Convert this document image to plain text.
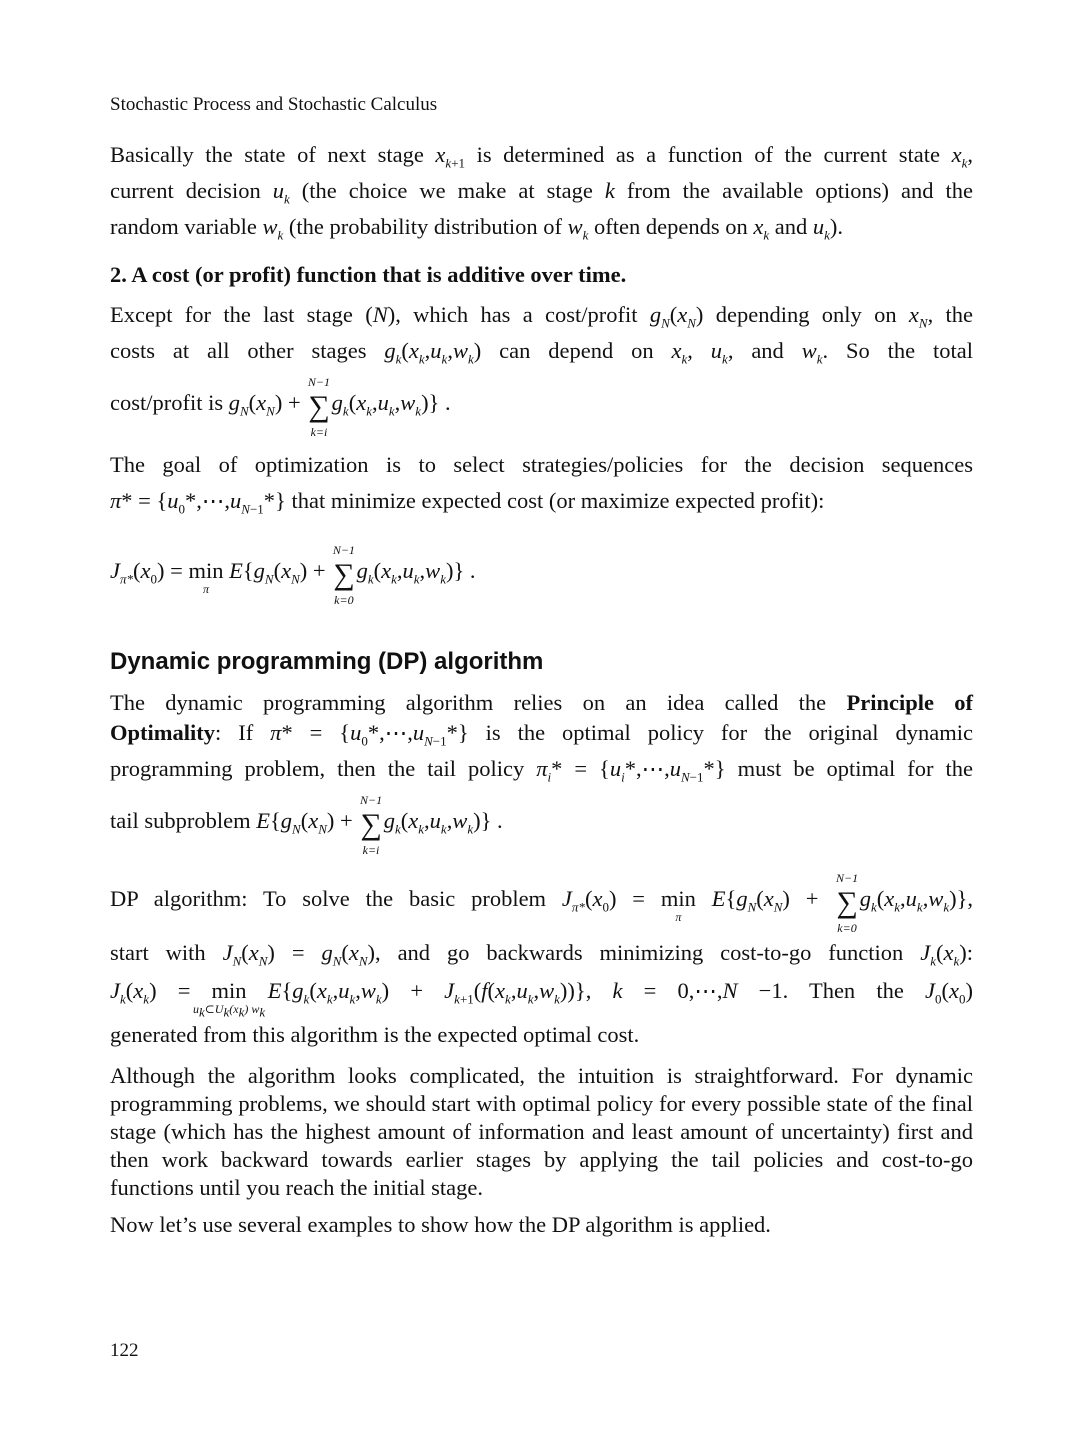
Stochastic Process and Stochastic Calculus
Basically the state of next stage $x_{k+1}$ is determined as a function of the current state $x_k$,
current decision $u_k$ (the choice we make at stage k from the available options) and the
random variable $w_k$ (the probability distribution of $w_k$ often depends on $x_k$ and $u_k$).
2. A cost (or profit) function that is additive over time.
Except for the last stage (N), which has a cost/profit $g_N(x_N)$ depending only on $x_N$, the
costs at all other stages $g_k(x_k,u_k,w_k)$ can depend on $x_k$, $u_k$, and $w_k$. So the total
cost/profit is $g_N(x_N)$ + ∑
N−1
k=i
$g_k(x_k,u_k,w_k)$} .
The goal of optimization is to select strategies/policies for the decision sequences
$\pi* = \{u_0*,\cdots,u_{N-1}*\}$ that minimize expected cost (or maximize expected profit):
$J_{\pi*}(x_0) = \min$
π
$E\{g_N(x_N)$ + ∑
N−1
k=0
$g_k(x_k,u_k,w_k)$} .
Dynamic programming (DP) algorithm
The dynamic programming algorithm relies on an idea called the Principle of
Optimality: If $\pi* = \{u_0*,\cdots,u_{N-1}*\}$ is the optimal policy for the original dynamic
programming problem, then the tail policy $\pi_i*$ = $\{u_i*,\cdots,u_{N-1}*\}$ must be optimal for the
tail subproblem $E\{g_N(x_N)$ + ∑
N−1
k=i
$g_k(x_k,u_k,w_k)$} .
DP algorithm: To solve the basic problem $J_{\pi*}(x_0) = \min$
π
$E\{g_N(x_N)$ + ∑
N−1
k=0
$g_k(x_k,u_k,w_k)$},
start with $J_N(x_N) = g_N(x_N)$, and go backwards minimizing cost-to-go function $J_k(x_k)$:
$J_k(x_k) = \min$
$u_k\subset U_k(x_k)$ $w_k$
$E\{g_k(x_k,u_k,w_k) + J_{k+1}(f(x_k,u_k,w_k))\}$, k = 0,⋯,N −1. Then the $J_0(x_0)$
generated from this algorithm is the expected optimal cost.
Although the algorithm looks complicated, the intuition is straightforward. For dynamic programming problems, we should start with optimal policy for every possible state of the final stage (which has the highest amount of information and least amount of uncertainty) first and then work backward towards earlier stages by applying the tail policies and cost-to-go functions until you reach the initial stage.
Now let’s use several examples to show how the DP algorithm is applied.
122
